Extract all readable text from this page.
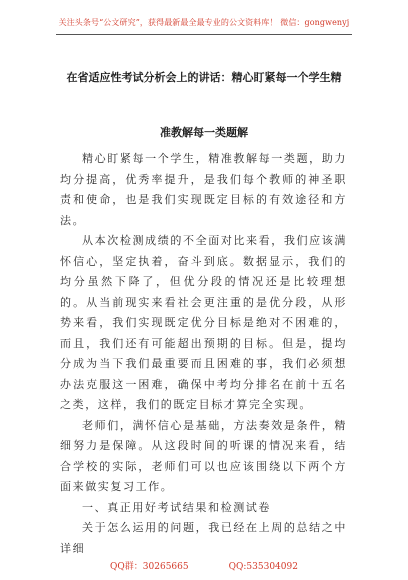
关注头条号“公文研究”，获得最新最全最专业的公文资料库！ 微信：gongwenyj
在省适应性考试分析会上的讲话：精心盯紧每一个学生精
准教解每一类题解

精心盯紧每一个学生，精准教解每一类题，助力均分提高，优秀率提升，是我们每个教师的神圣职责和使命，也是我们实现既定目标的有效途径和方法。

从本次检测成绩的不全面对比来看，我们应该满怀信心，坚定执着，奋斗到底。数据显示，我们的均分虽然下降了，但优分段的情况还是比较理想的。从当前现实来看社会更注重的是优分段，从形势来看，我们实现既定优分目标是绝对不困难的，而且，我们还有可能超出预期的目标。但是，提均分成为当下我们最重要而且困难的事，我们必须想办法克服这一困难，确保中考均分排名在前十五名之类，这样，我们的既定目标才算完全实现。

老师们，满怀信心是基础，方法奏效是条件，精细努力是保障。从这段时间的听课的情况来看，结合学校的实际，老师们可以也应该围绕以下两个方面来做实复习工作。

一、真正用好考试结果和检测试卷

关于怎么运用的问题，我已经在上周的总结之中详细

QQ群：30265665	QQ:535304092
